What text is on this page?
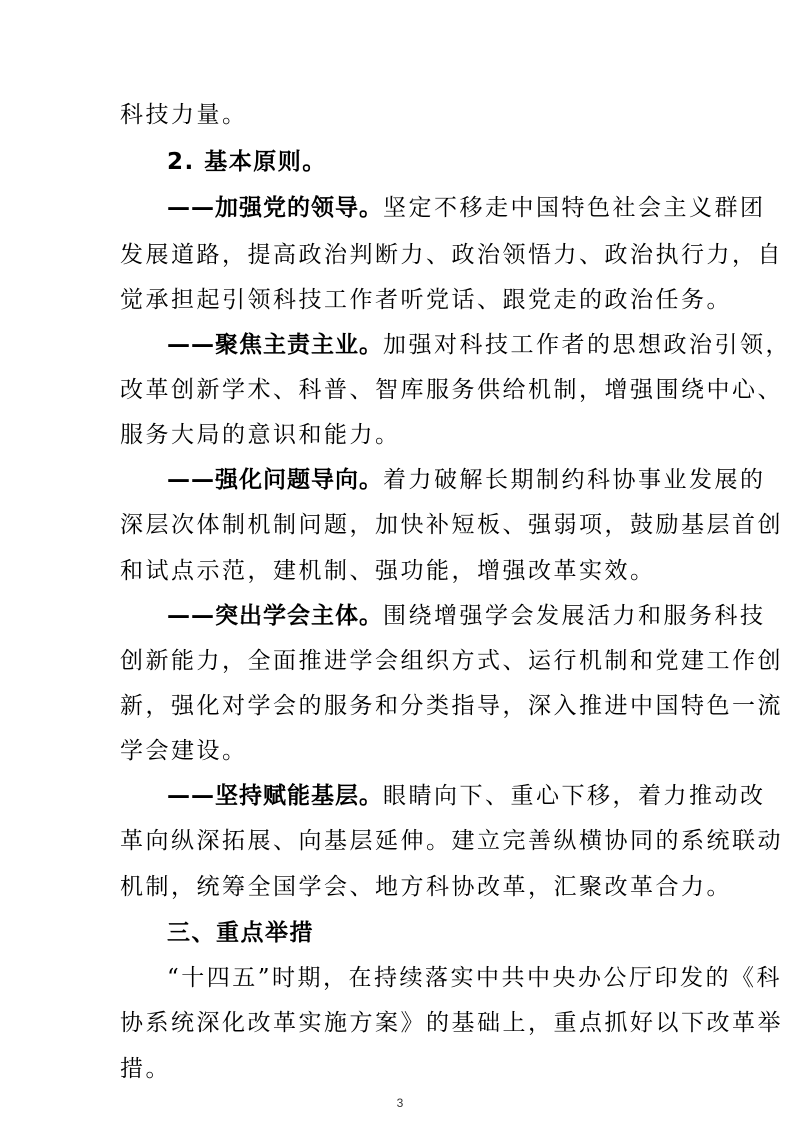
科技力量。
2. 基本原则。
——加强党的领导。坚定不移走中国特色社会主义群团
发展道路，提高政治判断力、政治领悟力、政治执行力，自
觉承担起引领科技工作者听党话、跟党走的政治任务。
——聚焦主责主业。加强对科技工作者的思想政治引领，
改革创新学术、科普、智库服务供给机制，增强围绕中心、
服务大局的意识和能力。
——强化问题导向。着力破解长期制约科协事业发展的
深层次体制机制问题，加快补短板、强弱项，鼓励基层首创
和试点示范，建机制、强功能，增强改革实效。
——突出学会主体。围绕增强学会发展活力和服务科技
创新能力，全面推进学会组织方式、运行机制和党建工作创
新，强化对学会的服务和分类指导，深入推进中国特色一流
学会建设。
——坚持赋能基层。眼睛向下、重心下移，着力推动改
革向纵深拓展、向基层延伸。建立完善纵横协同的系统联动
机制，统筹全国学会、地方科协改革，汇聚改革合力。
三、重点举措
“十四五”时期，在持续落实中共中央办公厅印发的《科
协系统深化改革实施方案》的基础上，重点抓好以下改革举
措。
3
